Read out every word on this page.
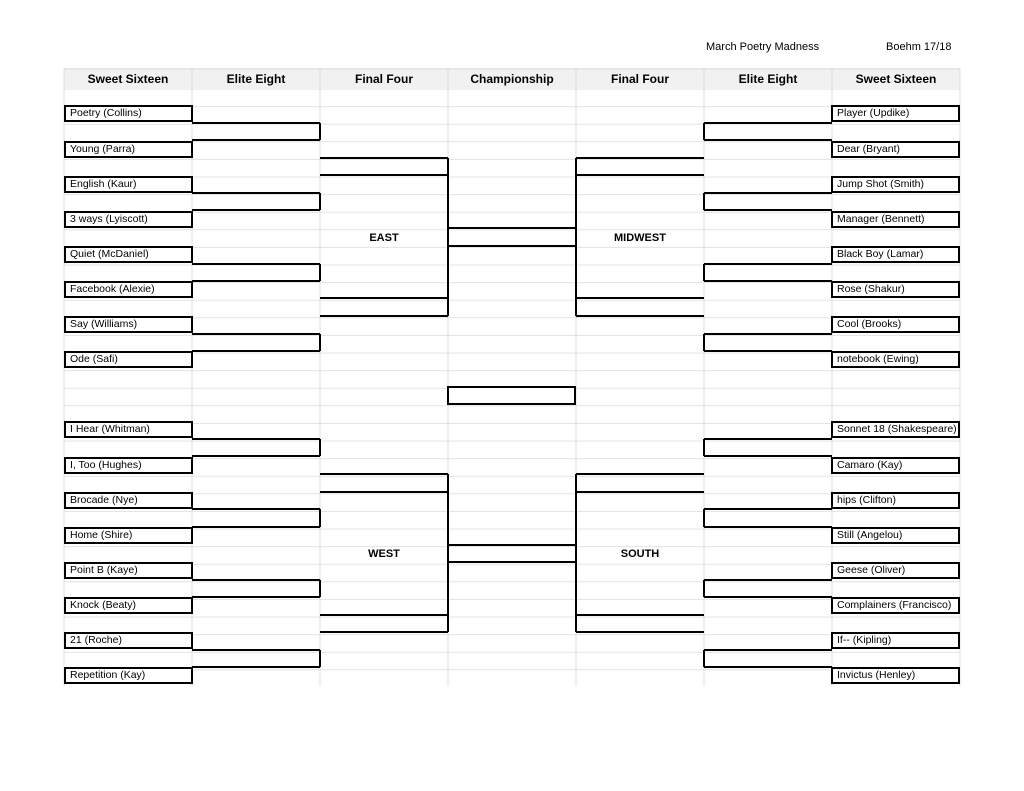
March Poetry Madness	Boehm 17/18
Sweet Sixteen	Elite Eight	Final Four	Championship	Final Four	Elite Eight	Sweet Sixteen
Poetry (Collins)
Young (Parra)
English (Kaur)
3 ways (Lyiscott)
Quiet (McDaniel)
Facebook (Alexie)
Say (Williams)
Ode (Safi)
Player (Updike)
Dear (Bryant)
Jump Shot (Smith)
Manager (Bennett)
Black Boy (Lamar)
Rose (Shakur)
Cool (Brooks)
notebook (Ewing)
I Hear (Whitman)
I, Too (Hughes)
Brocade (Nye)
Home (Shire)
Point B (Kaye)
Knock (Beaty)
21 (Roche)
Repetition (Kay)
Sonnet 18 (Shakespeare)
Camaro (Kay)
hips (Clifton)
Still (Angelou)
Geese (Oliver)
Complainers (Francisco)
If-- (Kipling)
Invictus (Henley)
EAST	MIDWEST
WEST	SOUTH
